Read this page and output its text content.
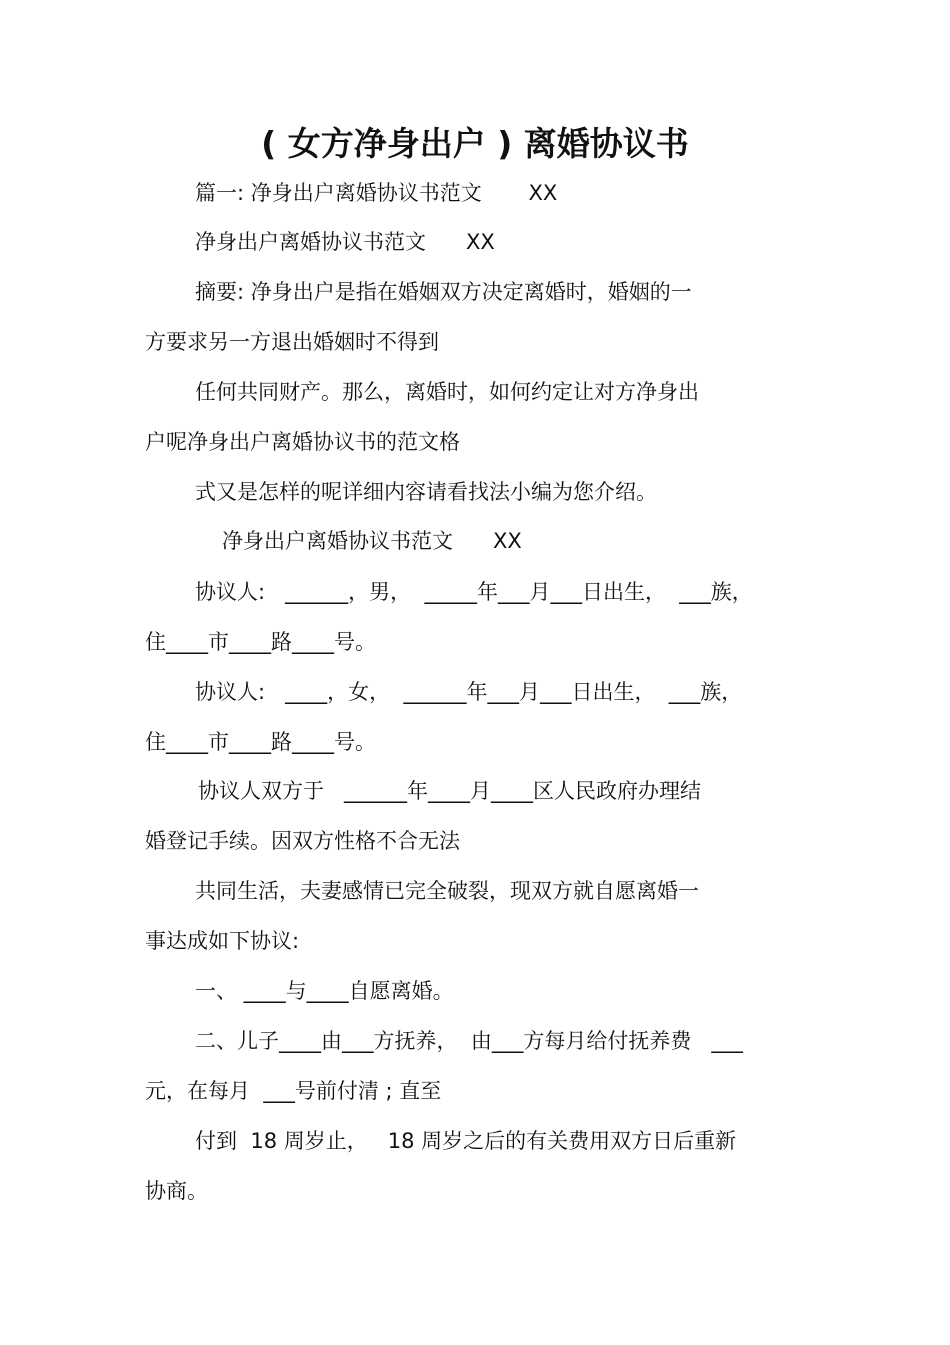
( 女方净身出户 ) 离婚协议书

篇一: 净身出户离婚协议书范文       XX

净身出户离婚协议书范文      XX

摘要: 净身出户是指在婚姻双方决定离婚时，婚姻的一

方要求另一方退出婚姻时不得到

任何共同财产。那么，离婚时，如何约定让对方净身出

户呢净身出户离婚协议书的范文格

式又是怎样的呢详细内容请看找法小编为您介绍。

净身出户离婚协议书范文      XX

协议人:   ______，男，  _____年___月___日出生，  ___族，

住____市____路____号。

协议人:   ____，女，  ______年___月___日出生，  ___族，

住____市____路____号。

协议人双方于   ______年____月____区人民政府办理结

婚登记手续。因双方性格不合无法

共同生活，夫妻感情已完全破裂，现双方就自愿离婚一

事达成如下协议:

一、 ____与____自愿离婚。

二、儿子____由___方抚养，  由___方每月给付抚养费   ___

元，在每月  ___号前付清 ; 直至

付到  18 周岁止，   18 周岁之后的有关费用双方日后重新

协商。
